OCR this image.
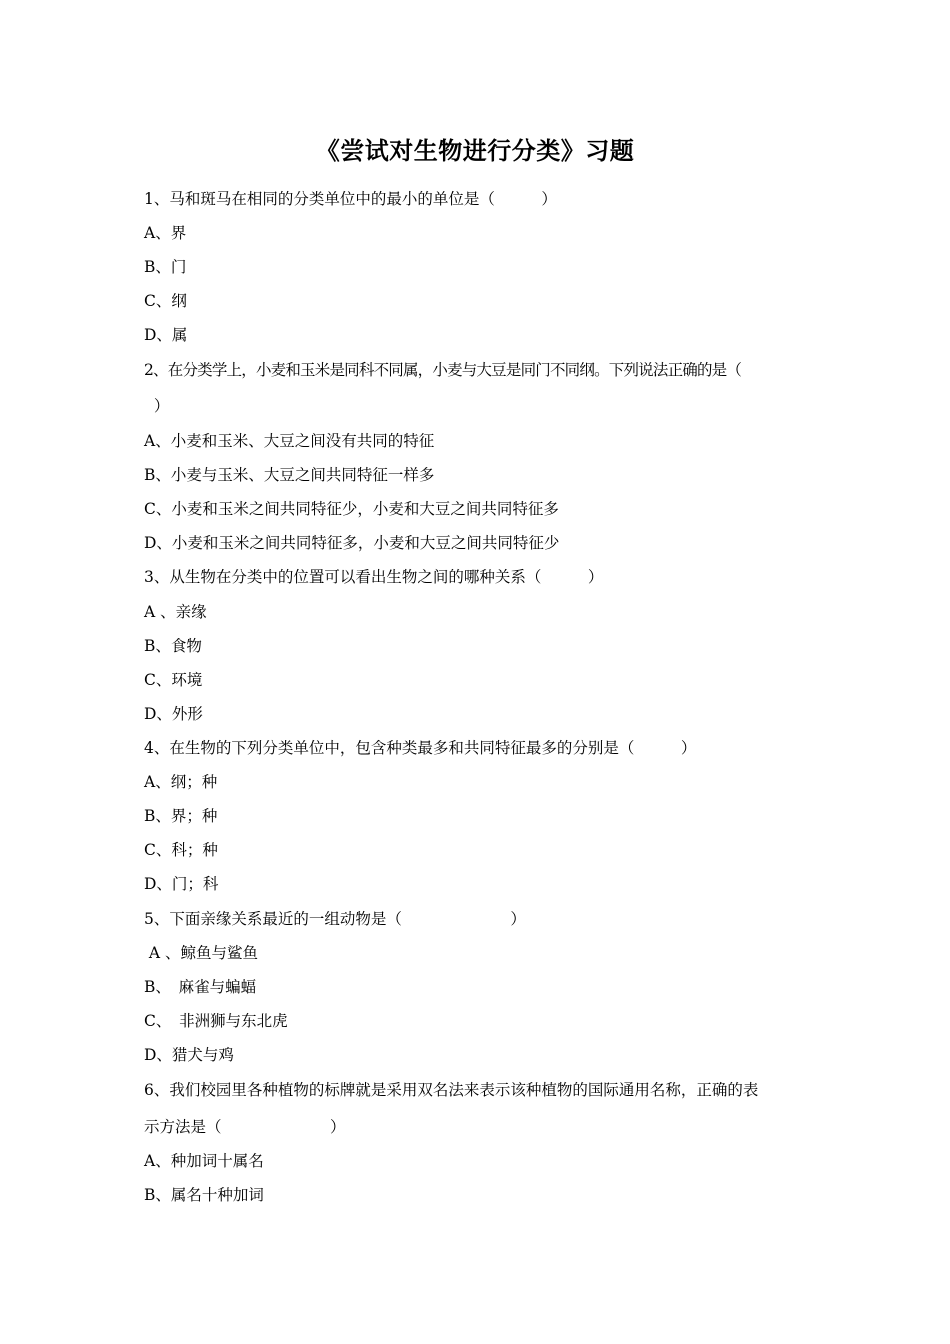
《尝试对生物进行分类》习题
1、马和斑马在相同的分类单位中的最小的单位是（　　　）
A、界
B、门
C、纲
D、属
2、在分类学上，小麦和玉米是同科不同属，小麦与大豆是同门不同纲。下列说法正确的是（
）
A、小麦和玉米、大豆之间没有共同的特征
B、小麦与玉米、大豆之间共同特征一样多
C、小麦和玉米之间共同特征少，小麦和大豆之间共同特征多
D、小麦和玉米之间共同特征多，小麦和大豆之间共同特征少
3、从生物在分类中的位置可以看出生物之间的哪种关系（　　　）
A 、亲缘
B、食物
C、环境
D、外形
4、在生物的下列分类单位中，包含种类最多和共同特征最多的分别是（　　　）
A、纲；种
B、界；种
C、科；种
D、门；科
5、下面亲缘关系最近的一组动物是（　　　　　　　）
A 、鲸鱼与鲨鱼
B、　麻雀与蝙蝠
C、　非洲狮与东北虎
D、猎犬与鸡
6、我们校园里各种植物的标牌就是采用双名法来表示该种植物的国际通用名称，正确的表
示方法是（　　　　　　　）
A、种加词十属名
B、属名十种加词
